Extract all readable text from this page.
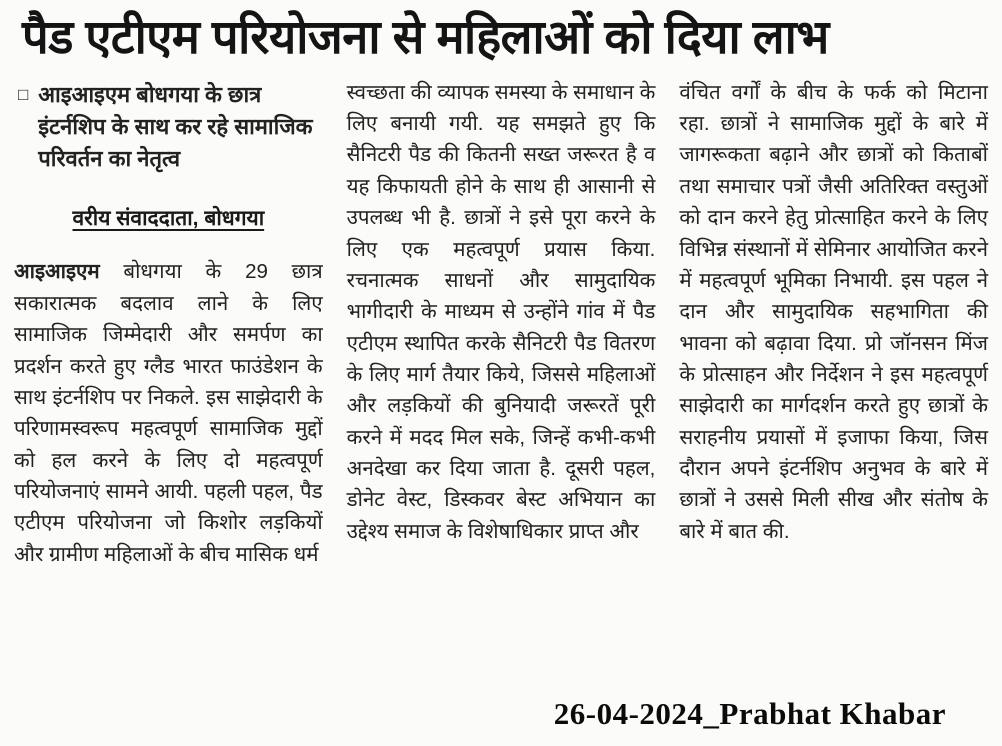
पैड एटीएम परियोजना से महिलाओं को दिया लाभ
□ आइआइएम बोधगया के छात्र इंटर्नशिप के साथ कर रहे सामाजिक परिवर्तन का नेतृत्व
वरीय संवाददाता, बोधगया

आइआइएम बोधगया के 29 छात्र सकारात्मक बदलाव लाने के लिए सामाजिक जिम्मेदारी और समर्पण का प्रदर्शन करते हुए ग्लैड भारत फाउंडेशन के साथ इंटर्नशिप पर निकले. इस साझेदारी के परिणामस्वरूप महत्वपूर्ण सामाजिक मुद्दों को हल करने के लिए दो महत्वपूर्ण परियोजनाएं सामने आयी. पहली पहल, पैड एटीएम परियोजना जो किशोर लड़कियों और ग्रामीण महिलाओं के बीच मासिक धर्म

स्वच्छता की व्यापक समस्या के समाधान के लिए बनायी गयी. यह समझते हुए कि सैनिटरी पैड की कितनी सख्त जरूरत है व यह किफायती होने के साथ ही आसानी से उपलब्ध भी है. छात्रों ने इसे पूरा करने के लिए एक महत्वपूर्ण प्रयास किया. रचनात्मक साधनों और सामुदायिक भागीदारी के माध्यम से उन्होंने गांव में पैड एटीएम स्थापित करके सैनिटरी पैड वितरण के लिए मार्ग तैयार किये, जिससे महिलाओं और लड़कियों की बुनियादी जरूरतें पूरी करने में मदद मिल सके, जिन्हें कभी-कभी अनदेखा कर दिया जाता है. दूसरी पहल, डोनेट वेस्ट, डिस्कवर बेस्ट अभियान का उद्देश्य समाज के विशेषाधिकार प्राप्त और

वंचित वर्गों के बीच के फर्क को मिटाना रहा. छात्रों ने सामाजिक मुद्दों के बारे में जागरूकता बढ़ाने और छात्रों को किताबों तथा समाचार पत्रों जैसी अतिरिक्त वस्तुओं को दान करने हेतु प्रोत्साहित करने के लिए विभिन्न संस्थानों में सेमिनार आयोजित करने में महत्वपूर्ण भूमिका निभायी. इस पहल ने दान और सामुदायिक सहभागिता की भावना को बढ़ावा दिया. प्रो जॉनसन मिंज के प्रोत्साहन और निर्देशन ने इस महत्वपूर्ण साझेदारी का मार्गदर्शन करते हुए छात्रों के सराहनीय प्रयासों में इजाफा किया, जिस दौरान अपने इंटर्नशिप अनुभव के बारे में छात्रों ने उससे मिली सीख और संतोष के बारे में बात की.

26-04-2024_Prabhat Khabar
